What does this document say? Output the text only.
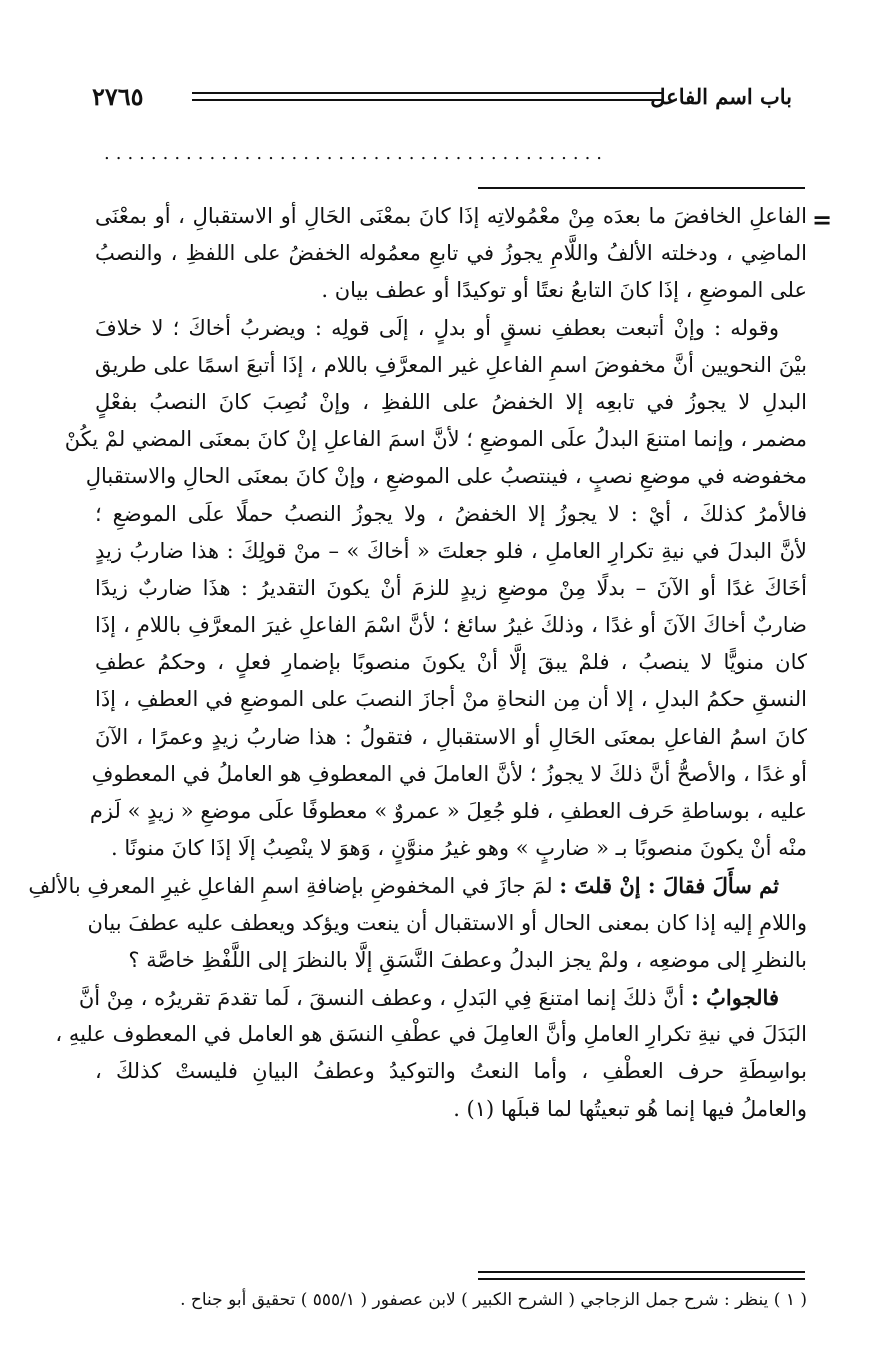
باب اسم الفاعل
٢٧٦٥
...........................................
=
الفاعلِ الخافضَ ما بعدَه مِنْ معْمُولاتِه إذَا كانَ بمعْنَى الحَالِ أو الاستقبالِ ، أو بمعْنَى
الماضِي ، ودخلته الألفُ واللَّامِ يجوزُ في تابعِ معمُوله الخفضُ على اللفظِ ، والنصبُ
على الموضعِ ، إذَا كانَ التابعُ نعتًا أو توكيدًا أو عطف بيان .
وقوله : وإنْ أتبعت بعطفِ نسقٍ أو بدلٍ ، إلَى قولِه : ويضربُ أخاكَ ؛ لا خلافَ
بيْنَ النحويين أنَّ مخفوضَ اسمِ الفاعلِ غير المعرَّفِ باللام ، إذَا أتبعَ اسمًا على طريق
البدلِ لا يجوزُ في تابعِه إلا الخفضُ على اللفظِ ، وإنْ نُصِبَ كانَ النصبُ بفعْلٍ
مضمر ، وإنما امتنعَ البدلُ علَى الموضعِ ؛ لأنَّ اسمَ الفاعلِ إنْ كانَ بمعنَى المضي لمْ يكُنْ
مخفوضه في موضعِ نصبٍ ، فينتصبُ على الموضعِ ، وإنْ كانَ بمعنَى الحالِ والاستقبالِ
فالأمرُ كذلكَ ، أيْ : لا يجوزُ إلا الخفضُ ، ولا يجوزُ النصبُ حملًا علَى الموضعِ ؛
لأنَّ البدلَ في نيةِ تكرارِ العاملِ ، فلو جعلتَ « أخاكَ » – منْ قولِكَ : هذا ضاربُ زيدٍ
أخَاكَ غدًا أو الآنَ – بدلًا مِنْ موضعِ زيدٍ للزمَ أنْ يكونَ التقديرُ : هذَا ضاربٌ زيدًا
ضاربٌ أخاكَ الآنَ أو غدًا ، وذلكَ غيرُ سائغ ؛ لأنَّ اسْمَ الفاعلِ غيرَ المعرَّفِ باللامِ ، إذَا
كان منويًّا لا ينصبُ ، فلمْ يبقَ إلَّا أنْ يكونَ منصوبًا بإضمارِ فعلٍ ، وحكمُ عطفِ
النسقِ حكمُ البدلِ ، إلا أن مِن النحاةِ منْ أجازَ النصبَ على الموضعِ في العطفِ ، إذَا
كانَ اسمُ الفاعلِ بمعنَى الحَالِ أو الاستقبالِ ، فتقولُ : هذا ضاربُ زيدٍ وعمرًا ، الآنَ
أو غدًا ، والأصحُّ أنَّ ذلكَ لا يجوزُ ؛ لأنَّ العاملَ في المعطوفِ هو العاملُ في المعطوفِ
عليه ، بوساطةِ حَرف العطفِ ، فلو جُعِلَ « عمروٌ » معطوفًا علَى موضعِ « زيدٍ » لَزم
منْه أنْ يكونَ منصوبًا بـ « ضاربٍ » وهو غيرُ منوَّنٍ ، وَهوَ لا ينْصِبُ إلَا إذَا كانَ منونًا .
ثم سأَلَ فقالَ : إنْ قلتَ : لمَ جازَ في المخفوضِ بإضافةِ اسمِ الفاعلِ غيرِ المعرفِ بالألفِ
واللامِ إليه إذا كان بمعنى الحال أو الاستقبال أن ينعت ويؤكد ويعطف عليه عطفَ بيان
بالنظرِ إلى موضعِه ، ولمْ يجز البدلُ وعطفَ النَّسَقِ إلَّا بالنظرَ إلى اللَّفْظِ خاصَّة ؟
فالجوابُ : أنَّ ذلكَ إنما امتنعَ فِي البَدلِ ، وعطف النسقَ ، لَما تقدمَ تقريرُه ، مِنْ أنَّ
البَدَلَ في نيةِ تكرارِ العاملِ وأنَّ العامِلَ في عطْفِ النسَق هو العامل في المعطوف عليهِ ،
بواسِطَةِ حرف العطْفِ ، وأما النعتُ والتوكيدُ وعطفُ البيانِ فليستْ كذلكَ ،
والعاملُ فيها إنما هُو تبعيتُها لما قبلَها (١) .
( ١ ) ينظر : شرح جمل الزجاجي ( الشرح الكبير ) لابن عصفور ( ٥٥٥/١ ) تحقيق أبو جناح .
